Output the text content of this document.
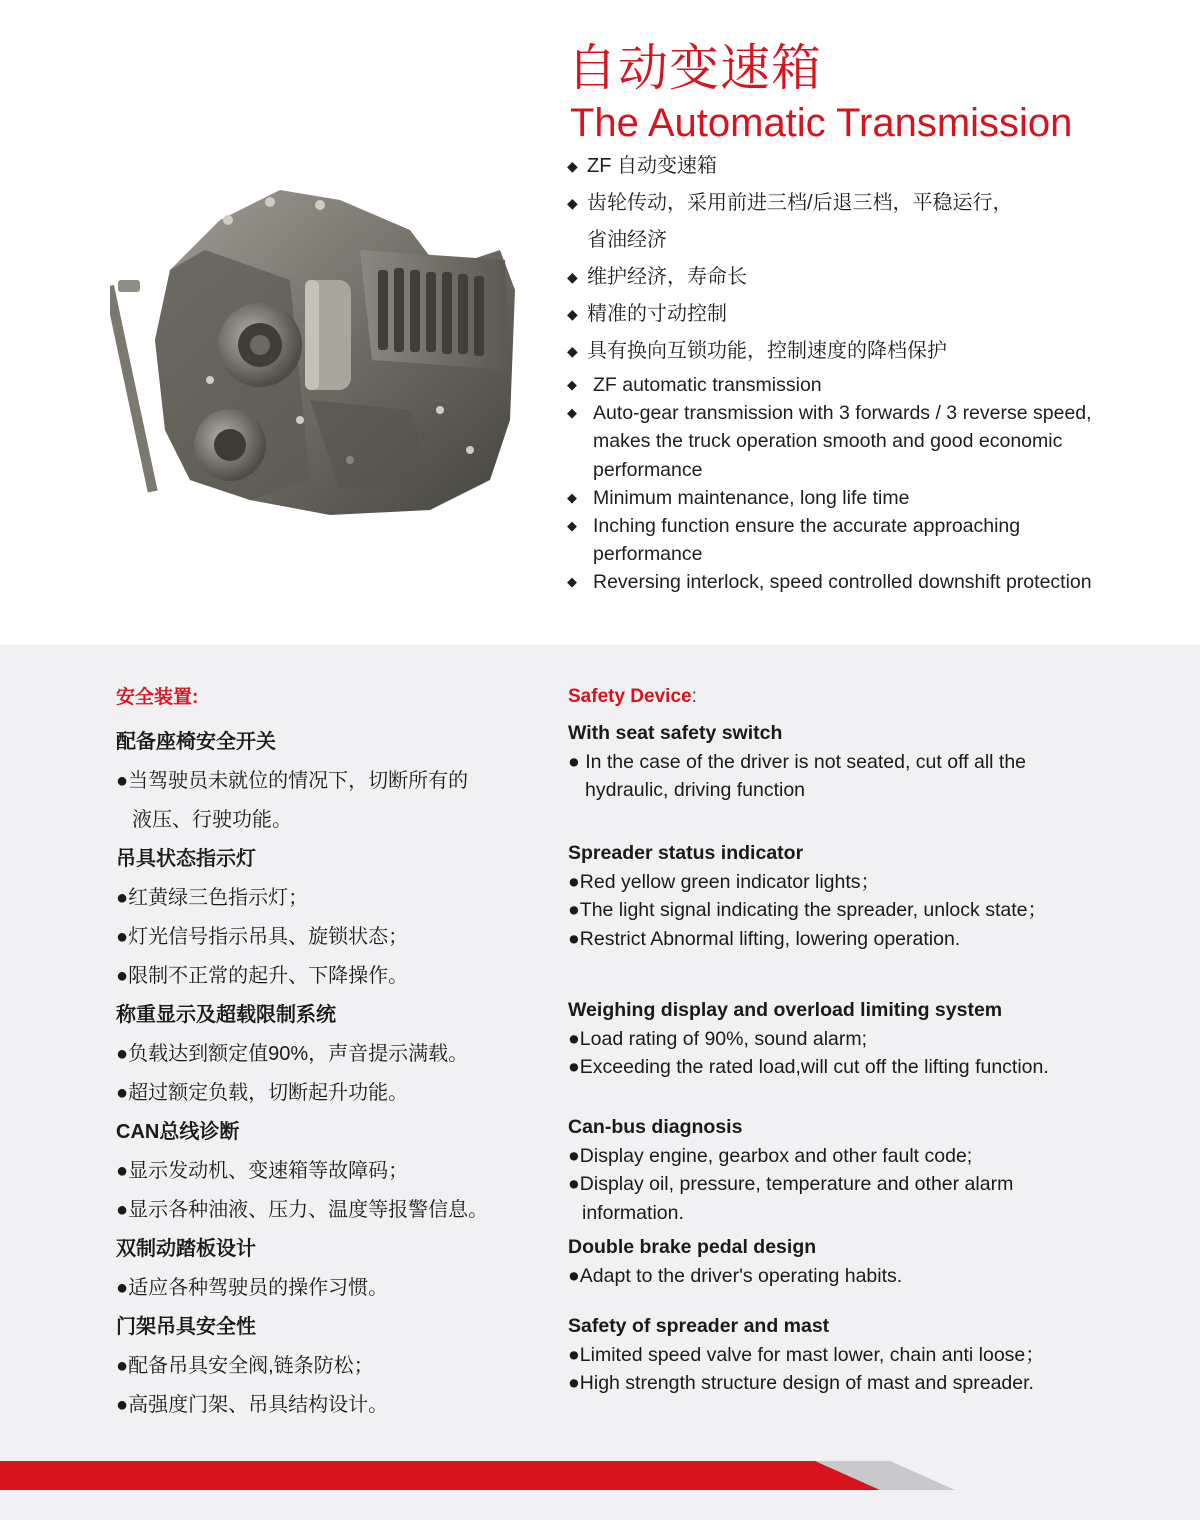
自动变速箱
The Automatic Transmission
◆ ZF 自动变速箱
◆ 齿轮传动，采用前进三档/后退三档，平稳运行，
省油经济
◆ 维护经济，寿命长
◆ 精准的寸动控制
◆ 具有换向互锁功能，控制速度的降档保护
◆ ZF automatic transmission
◆ Auto-gear transmission with 3 forwards / 3 reverse speed, makes the truck operation smooth and good economic performance
◆ Minimum maintenance, long life time
◆ Inching function ensure the accurate approaching performance
◆ Reversing interlock, speed controlled downshift protection
安全装置:
配备座椅安全开关
●当驾驶员未就位的情况下，切断所有的
液压、行驶功能。
吊具状态指示灯
●红黄绿三色指示灯；
●灯光信号指示吊具、旋锁状态；
●限制不正常的起升、下降操作。
称重显示及超载限制系统
●负载达到额定值90%，声音提示满载。
●超过额定负载，切断起升功能。
CAN总线诊断
●显示发动机、变速箱等故障码；
●显示各种油液、压力、温度等报警信息。
双制动踏板设计
●适应各种驾驶员的操作习惯。
门架吊具安全性
●配备吊具安全阀,链条防松；
●高强度门架、吊具结构设计。
Safety Device:
With seat safety switch
● In the case of the driver is not seated, cut off all the
hydraulic, driving function
Spreader status indicator
●Red yellow green indicator lights；
●The light signal indicating the spreader, unlock state；
●Restrict Abnormal lifting, lowering operation.
Weighing display and overload limiting system
●Load rating of 90%, sound alarm;
●Exceeding the rated load,will cut off the lifting function.
Can-bus diagnosis
●Display engine, gearbox and other fault code;
●Display oil, pressure, temperature and other alarm
information.
Double brake pedal design
●Adapt to the driver's operating habits.
Safety of spreader and mast
●Limited speed valve for mast lower, chain anti loose；
●High strength structure design of mast and spreader.
